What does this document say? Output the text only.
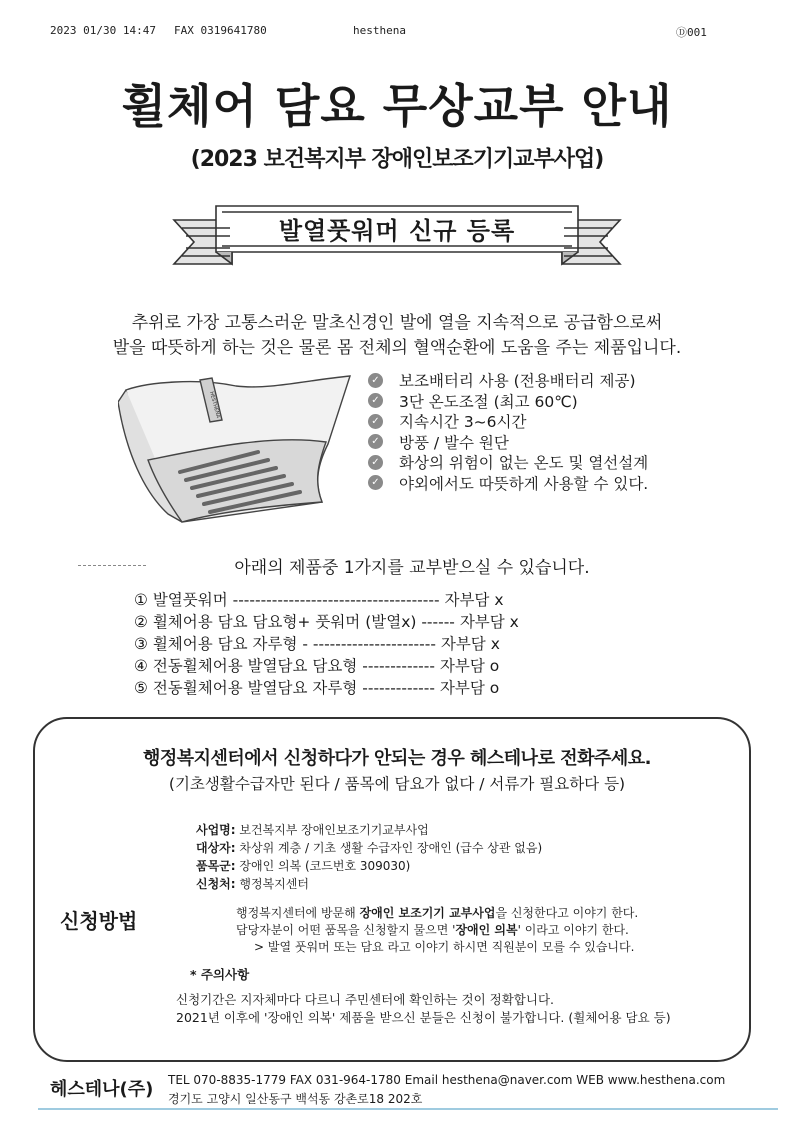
2023 01/30 14:47 FAX 0319641780	hesthena	Ⓓ001
휠체어 담요 무상교부 안내
(2023 보건복지부 장애인보조기기교부사업)
발열풋워머 신규 등록
추위로 가장 고통스러운 말초신경인 발에 열을 지속적으로 공급함으로써
발을 따뜻하게 하는 것은 물론 몸 전체의 혈액순환에 도움을 주는 제품입니다.
HESTHENA
✓ 보조배터리 사용 (전용배터리 제공)
✓ 3단 온도조절 (최고 60℃)
✓ 지속시간 3~6시간
✓ 방풍 / 발수 원단
✓ 화상의 위험이 없는 온도 및 열선설계
✓ 야외에서도 따뜻하게 사용할 수 있다.
아래의 제품중 1가지를 교부받으실 수 있습니다.
① 발열풋워머 ------------------------------------- 자부담 x
② 휠체어용 담요 담요형+ 풋워머 (발열x) ------ 자부담 x
③ 휠체어용 담요 자루형 - ---------------------- 자부담 x
④ 전동휠체어용 발열담요 담요형 ------------- 자부담 o
⑤ 전동휠체어용 발열담요 자루형 ------------- 자부담 o
행정복지센터에서 신청하다가 안되는 경우 헤스테나로 전화주세요.
(기초생활수급자만 된다 / 품목에 담요가 없다 / 서류가 필요하다 등)
사업명: 보건복지부 장애인보조기기교부사업
대상자: 차상위 계층 / 기초 생활 수급자인 장애인 (급수 상관 없음)
품목군: 장애인 의복 (코드번호 309030)
신청처: 행정복지센터
신청방법	행정복지센터에 방문해 장애인 보조기기 교부사업을 신청한다고 이야기 한다.
담당자분이 어떤 품목을 신청할지 물으면 '장애인 의복' 이라고 이야기 한다.
> 발열 풋워머 또는 담요 라고 이야기 하시면 직원분이 모를 수 있습니다.
* 주의사항
신청기간은 지자체마다 다르니 주민센터에 확인하는 것이 정확합니다.
2021년 이후에 '장애인 의복' 제품을 받으신 분들은 신청이 불가합니다. (휠체어용 담요 등)
헤스테나(주) TEL 070-8835-1779 FAX 031-964-1780 Email hesthena@naver.com WEB www.hesthena.com
경기도 고양시 일산동구 백석동 강촌로18 202호
